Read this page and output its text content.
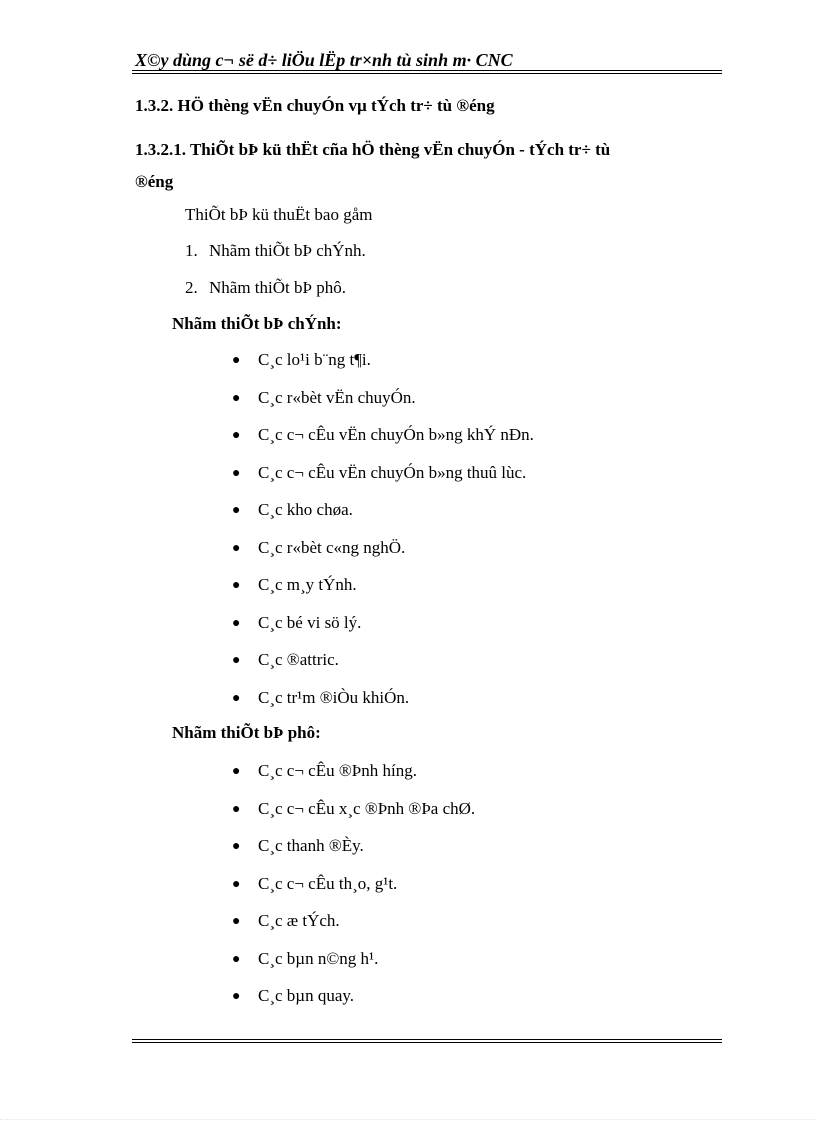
X©y dùng c¬ së d÷ liÖu lËp tr×nh tù sinh m· CNC
1.3.2. HÖ thèng vËn chuyÓn vµ tÝch tr÷ tù ®éng
1.3.2.1. ThiÕt bÞ kü thËt cña hÖ thèng vËn chuyÓn - tÝch tr÷ tù
®éng
ThiÕt bÞ kü thuËt bao gåm
1. Nhãm thiÕt bÞ chÝnh.
2. Nhãm thiÕt bÞ phô.
Nhãm thiÕt bÞ chÝnh:
● C¸c lo¹i b¨ng t¶i.
● C¸c r«bèt vËn chuyÓn.
● C¸c c¬ cÊu vËn chuyÓn b»ng khÝ nÐn.
● C¸c c¬ cÊu vËn chuyÓn b»ng thuû lùc.
● C¸c kho chøa.
● C¸c r«bèt c«ng nghÖ.
● C¸c m¸y tÝnh.
● C¸c bé vi sö lý.
● C¸c ®attric.
● C¸c tr¹m ®iÒu khiÓn.
Nhãm thiÕt bÞ phô:
● C¸c c¬ cÊu ®Þnh híng.
● C¸c c¬ cÊu x¸c ®Þnh ®Þa chØ.
● C¸c thanh ®Èy.
● C¸c c¬ cÊu th¸o, g¹t.
● C¸c æ tÝch.
● C¸c bµn n©ng h¹.
● C¸c bµn quay.
